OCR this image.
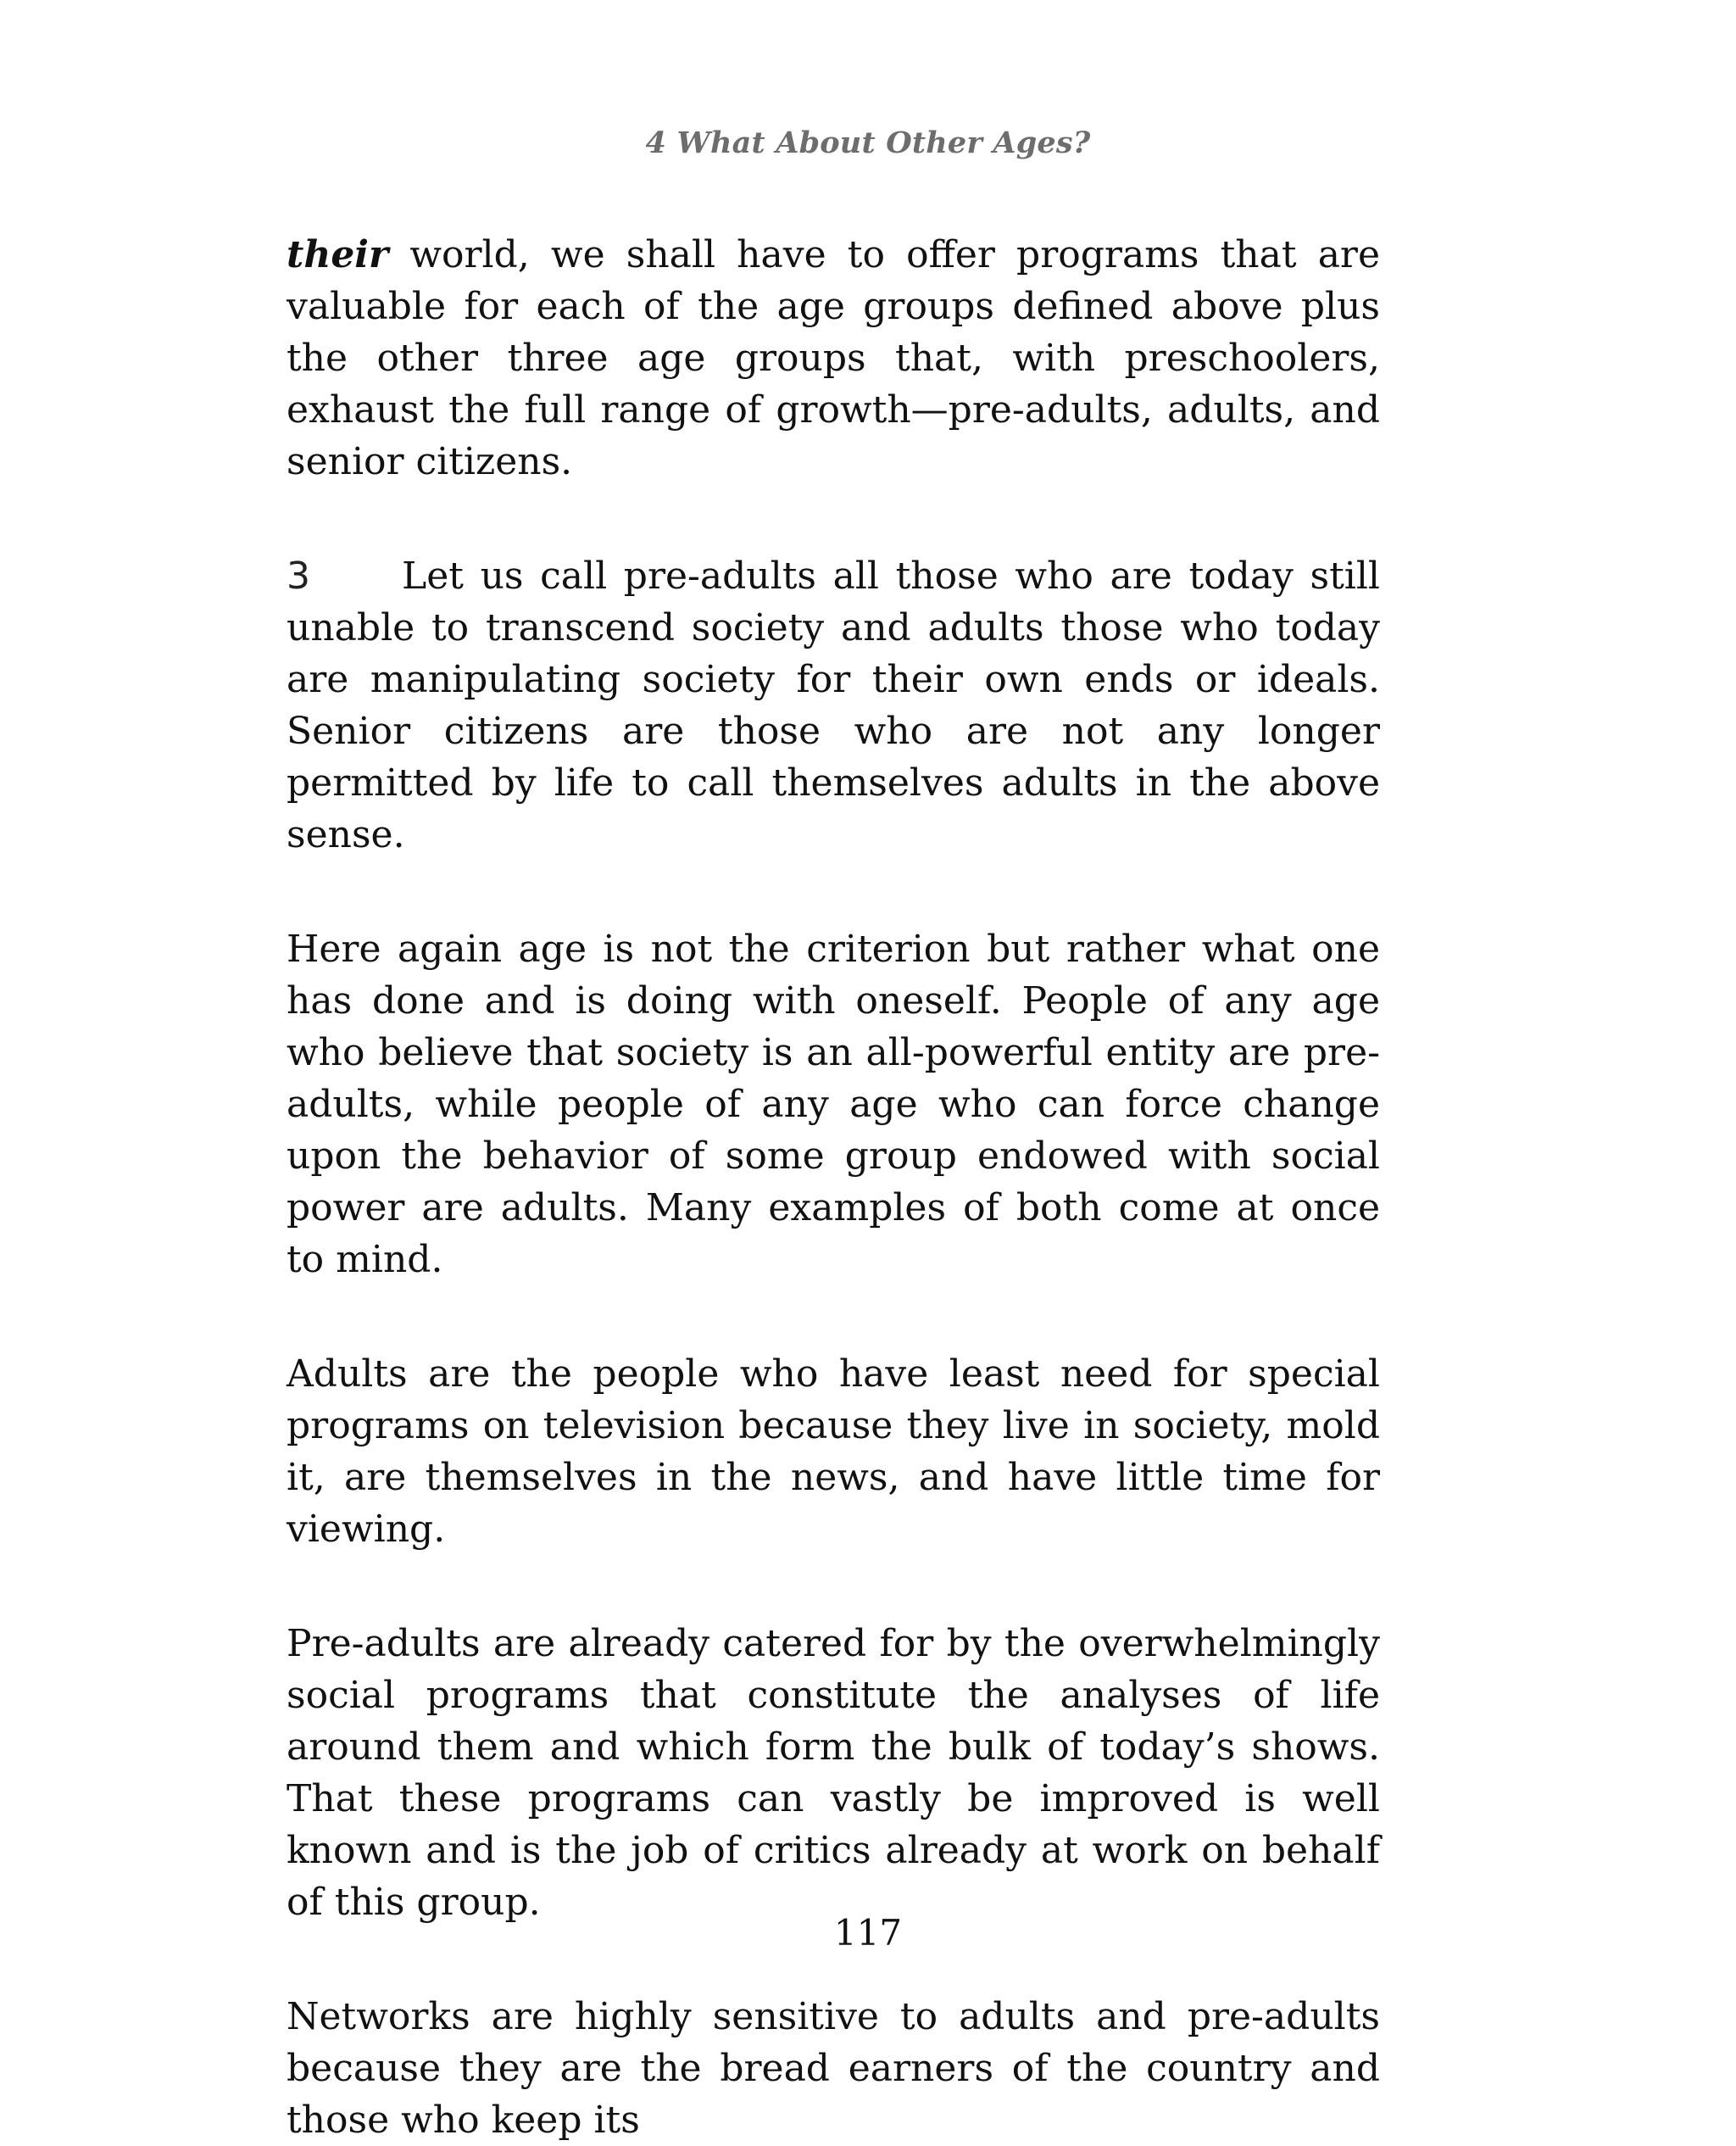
4 What About Other Ages?

their world, we shall have to offer programs that are valuable for each of the age groups defined above plus the other three age groups that, with preschoolers, exhaust the full range of growth—pre-adults, adults, and senior citizens.

3 Let us call pre-adults all those who are today still unable to transcend society and adults those who today are manipulating society for their own ends or ideals. Senior citizens are those who are not any longer permitted by life to call themselves adults in the above sense.

Here again age is not the criterion but rather what one has done and is doing with oneself. People of any age who believe that society is an all-powerful entity are pre-adults, while people of any age who can force change upon the behavior of some group endowed with social power are adults. Many examples of both come at once to mind.

Adults are the people who have least need for special programs on television because they live in society, mold it, are themselves in the news, and have little time for viewing.

Pre-adults are already catered for by the overwhelmingly social programs that constitute the analyses of life around them and which form the bulk of today’s shows. That these programs can vastly be improved is well known and is the job of critics already at work on behalf of this group.

Networks are highly sensitive to adults and pre-adults because they are the bread earners of the country and those who keep its

117
